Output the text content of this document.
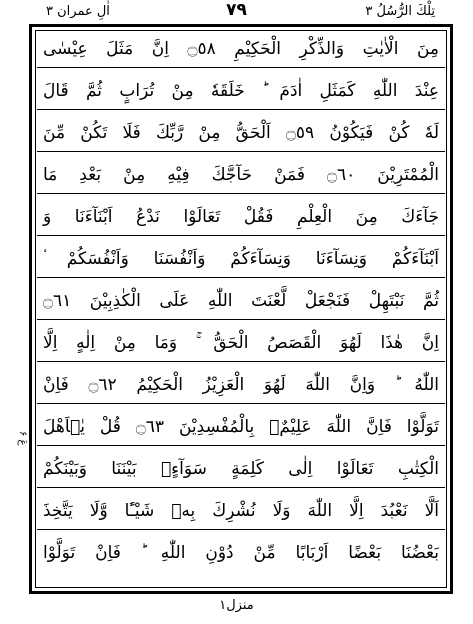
اٰلِ عمران ۳	٧٩	تِلْكَ الرُّسُلُ ۳
عَ ۶
مِنَ الْاٰيٰتِ وَالذِّكْرِ الْحَكِيْمِ ۝٥٨ اِنَّ مَثَلَ عِيْسٰى
عِنْدَ اللّٰهِ كَمَثَلِ اٰدَمَ ؕ خَلَقَهٗ مِنْ تُرَابٍ ثُمَّ قَالَ
لَهٗ كُنْ فَيَكُوْنُ ۝٥٩ اَلْحَقُّ مِنْ رَّبِّكَ فَلَا تَكُنْ مِّنَ
الْمُمْتَرِيْنَ ۝٦٠ فَمَنْ حَآجَّكَ فِيْهِ مِنْ بَعْدِ مَا
جَآءَكَ مِنَ الْعِلْمِ فَقُلْ تَعَالَوْا نَدْعُ اَبْنَآءَنَا وَ
اَبْنَآءَكُمْ وَنِسَآءَنَا وَنِسَآءَكُمْ وَاَنْفُسَنَا وَاَنْفُسَكُمْ ۟
ثُمَّ نَبْتَهِلْ فَنَجْعَلْ لَّعْنَتَ اللّٰهِ عَلَى الْكٰذِبِيْنَ ۝٦١
اِنَّ هٰذَا لَهُوَ الْقَصَصُ الْحَقُّ ۚ وَمَا مِنْ اِلٰهٍ اِلَّا
اللّٰهُ ؕ وَاِنَّ اللّٰهَ لَهُوَ الْعَزِيْزُ الْحَكِيْمُ ۝٦٢ فَاِنْ
تَوَلَّوْا فَاِنَّ اللّٰهَ عَلِيْمٌۢ بِالْمُفْسِدِيْنَ ۝٦٣ قُلْ يٰۤاَهْلَ
الْكِتٰبِ تَعَالَوْا اِلٰى كَلِمَةٍ سَوَآءٍۢ بَيْنَنَا وَبَيْنَكُمْ
اَلَّا نَعْبُدَ اِلَّا اللّٰهَ وَلَا نُشْرِكَ بِهٖ شَيْـًٔا وَّلَا يَتَّخِذَ
بَعْضُنَا بَعْضًا اَرْبَابًا مِّنْ دُوْنِ اللّٰهِ ؕ فَاِنْ تَوَلَّوْا
منزل١
